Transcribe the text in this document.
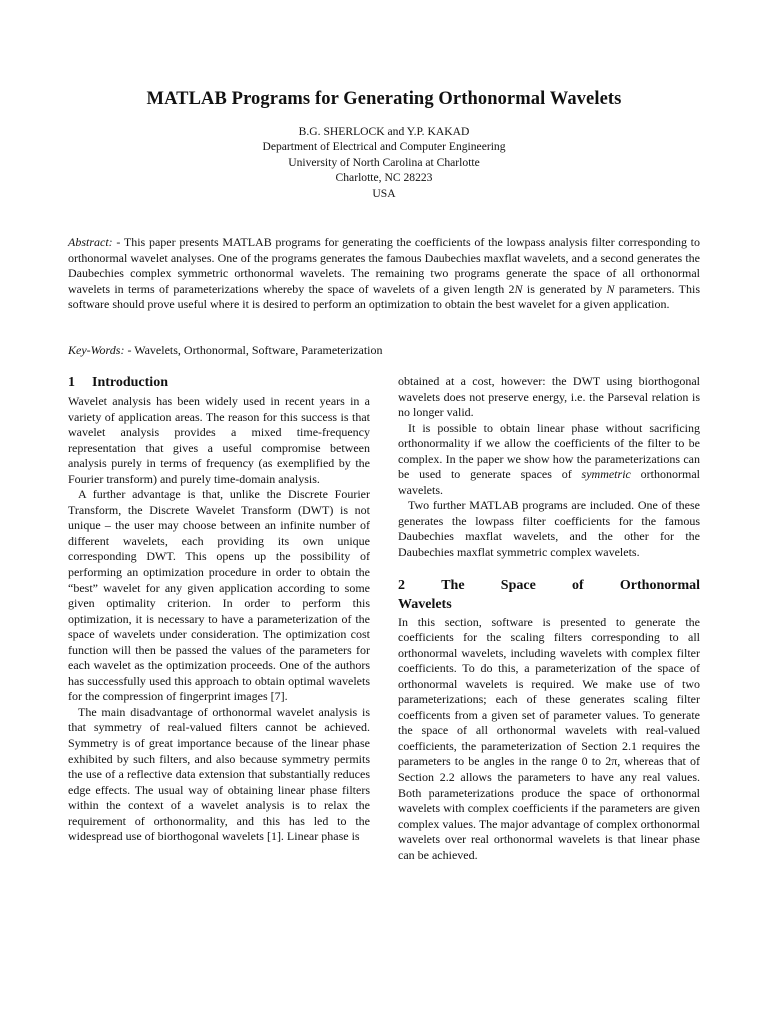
MATLAB Programs for Generating Orthonormal Wavelets
B.G. SHERLOCK and Y.P. KAKAD
Department of Electrical and Computer Engineering
University of North Carolina at Charlotte
Charlotte, NC 28223
USA

Abstract: - This paper presents MATLAB programs for generating the coefficients of the lowpass analysis filter corresponding to orthonormal wavelet analyses. One of the programs generates the famous Daubechies maxflat wavelets, and a second generates the Daubechies complex symmetric orthonormal wavelets. The remaining two programs generate the space of all orthonormal wavelets in terms of parameterizations whereby the space of wavelets of a given length 2N is generated by N parameters. This software should prove useful where it is desired to perform an optimization to obtain the best wavelet for a given application.

Key-Words: - Wavelets, Orthonormal, Software, Parameterization

1 Introduction

Wavelet analysis has been widely used in recent years in a variety of application areas. The reason for this success is that wavelet analysis provides a mixed time-frequency representation that gives a useful compromise between analysis purely in terms of frequency (as exemplified by the Fourier transform) and purely time-domain analysis.

A further advantage is that, unlike the Discrete Fourier Transform, the Discrete Wavelet Transform (DWT) is not unique – the user may choose between an infinite number of different wavelets, each providing its own unique corresponding DWT. This opens up the possibility of performing an optimization procedure in order to obtain the “best” wavelet for any given application according to some given optimality criterion. In order to perform this optimization, it is necessary to have a parameterization of the space of wavelets under consideration. The optimization cost function will then be passed the values of the parameters for each wavelet as the optimization proceeds. One of the authors has successfully used this approach to obtain optimal wavelets for the compression of fingerprint images [7].

The main disadvantage of orthonormal wavelet analysis is that symmetry of real-valued filters cannot be achieved. Symmetry is of great importance because of the linear phase exhibited by such filters, and also because symmetry permits the use of a reflective data extension that substantially reduces edge effects. The usual way of obtaining linear phase filters within the context of a wavelet analysis is to relax the requirement of orthonormality, and this has led to the widespread use of biorthogonal wavelets [1]. Linear phase is

obtained at a cost, however: the DWT using biorthogonal wavelets does not preserve energy, i.e. the Parseval relation is no longer valid.

It is possible to obtain linear phase without sacrificing orthonormality if we allow the coefficients of the filter to be complex. In the paper we show how the parameterizations can be used to generate spaces of symmetric orthonormal wavelets.

Two further MATLAB programs are included. One of these generates the lowpass filter coefficients for the famous Daubechies maxflat wavelets, and the other for the Daubechies maxflat symmetric complex wavelets.

2	The	Space	of	Orthonormal
Wavelets

In this section, software is presented to generate the coefficients for the scaling filters corresponding to all orthonormal wavelets, including wavelets with complex filter coefficients. To do this, a parameterization of the space of orthonormal wavelets is required. We make use of two parameterizations; each of these generates scaling filter coefficents from a given set of parameter values. To generate the space of all orthonormal wavelets with real-valued coefficients, the parameterization of Section 2.1 requires the parameters to be angles in the range 0 to 2π, whereas that of Section 2.2 allows the parameters to have any real values. Both parameterizations produce the space of orthonormal wavelets with complex coefficients if the parameters are given complex values. The major advantage of complex orthonormal wavelets over real orthonormal wavelets is that linear phase can be achieved.
